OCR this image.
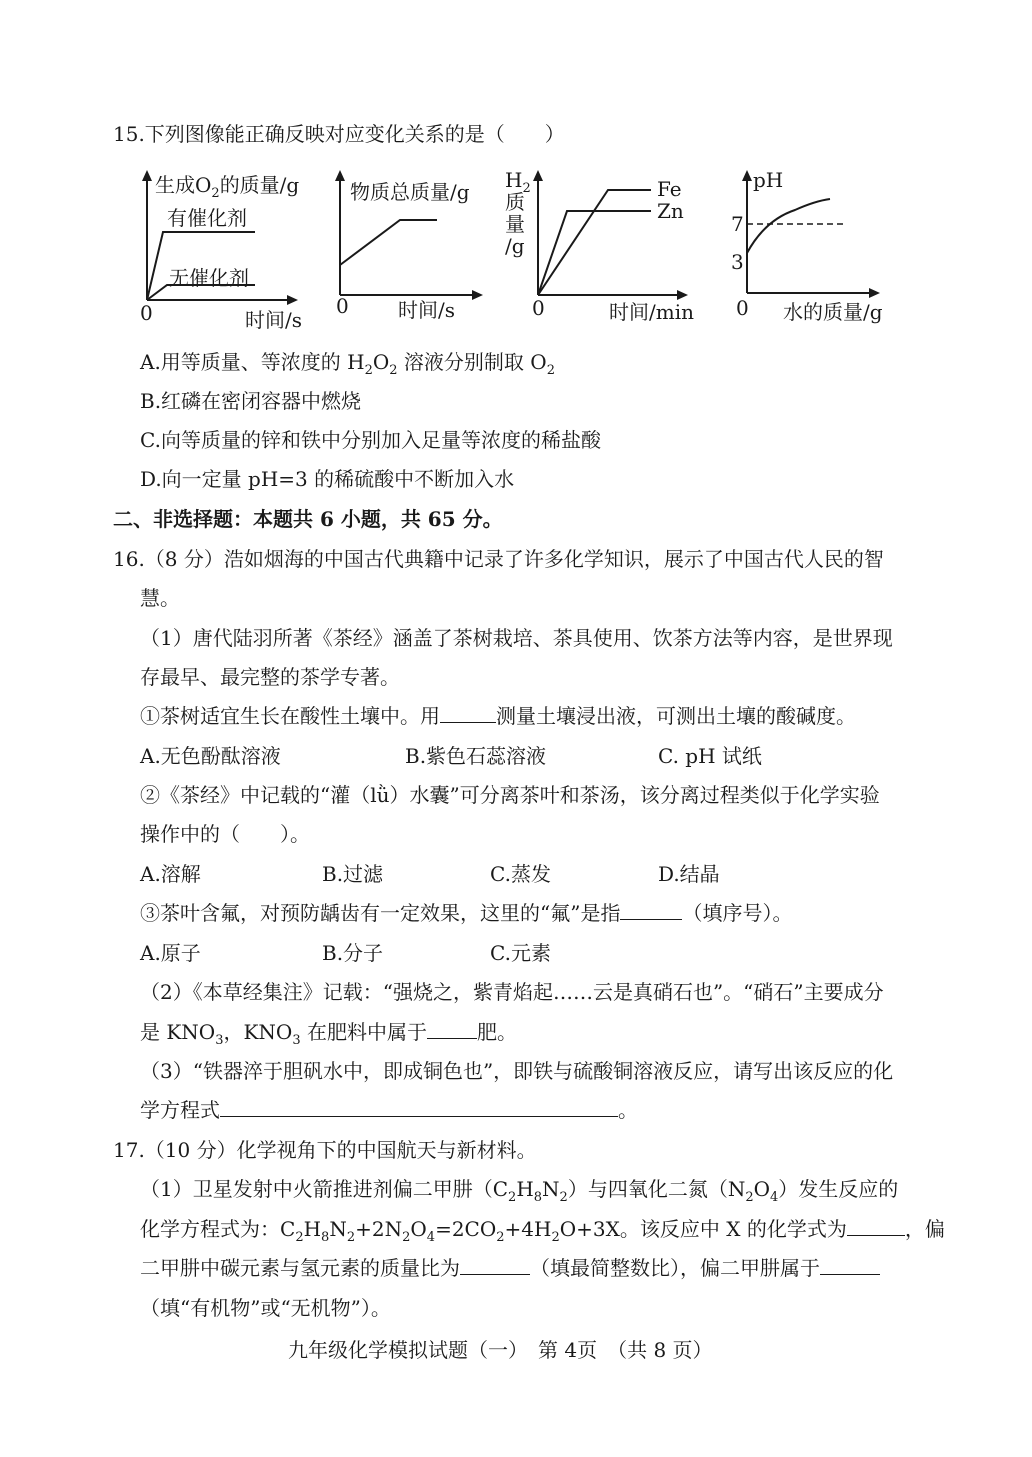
15.下列图像能正确反映对应变化关系的是（　　）
生成$O_2$的质量/g
有催化剂
无催化剂
0	时间/s
物质总质量/g
0 时间/s
$H_2$
质
量
/g
Fe
Zn
0	时间/min
pH
7
3
0 水的质量/g
A.用等质量、等浓度的 $H_2O_2$ 溶液分别制取 $O_2$
B.红磷在密闭容器中燃烧
C.向等质量的锌和铁中分别加入足量等浓度的稀盐酸
D.向一定量 pH=3 的稀硫酸中不断加入水
二、非选择题：本题共 6 小题，共 65 分。
16.（8 分）浩如烟海的中国古代典籍中记录了许多化学知识，展示了中国古代人民的智
慧。
（1）唐代陆羽所著《茶经》涵盖了茶树栽培、茶具使用、饮茶方法等内容，是世界现
存最早、最完整的茶学专著。
①茶树适宜生长在酸性土壤中。用	测量土壤浸出液，可测出土壤的酸碱度。
A.无色酚酞溶液	B.紫色石蕊溶液	C. pH 试纸
②《茶经》中记载的“灌（lǜ）水囊”可分离茶叶和茶汤，该分离过程类似于化学实验
操作中的（　　）。
A.溶解	B.过滤	C.蒸发	D.结晶
③茶叶含氟，对预防龋齿有一定效果，这里的“氟”是指	（填序号）。
A.原子	B.分子	C.元素
（2）《本草经集注》记载：“强烧之，紫青焰起……云是真硝石也”。“硝石”主要成分
是 $KNO_3$，$KNO_3$ 在肥料中属于	肥。
（3）“铁器淬于胆矾水中，即成铜色也”，即铁与硫酸铜溶液反应，请写出该反应的化
学方程式	。
17.（10 分）化学视角下的中国航天与新材料。
（1）卫星发射中火箭推进剂偏二甲肼$(C_2H_8N_2)$与四氧化二氮$(N_2O_4)$发生反应的
化学方程式为：$C_2H_8N_2+2N_2O_4=2CO_2+4H_2O+3X$。该反应中 X 的化学式为	，偏
二甲肼中碳元素与氢元素的质量比为	（填最简整数比），偏二甲肼属于
（填“有机物”或“无机物”）。
九年级化学模拟试题（一）　第 4页　（共 8 页）
